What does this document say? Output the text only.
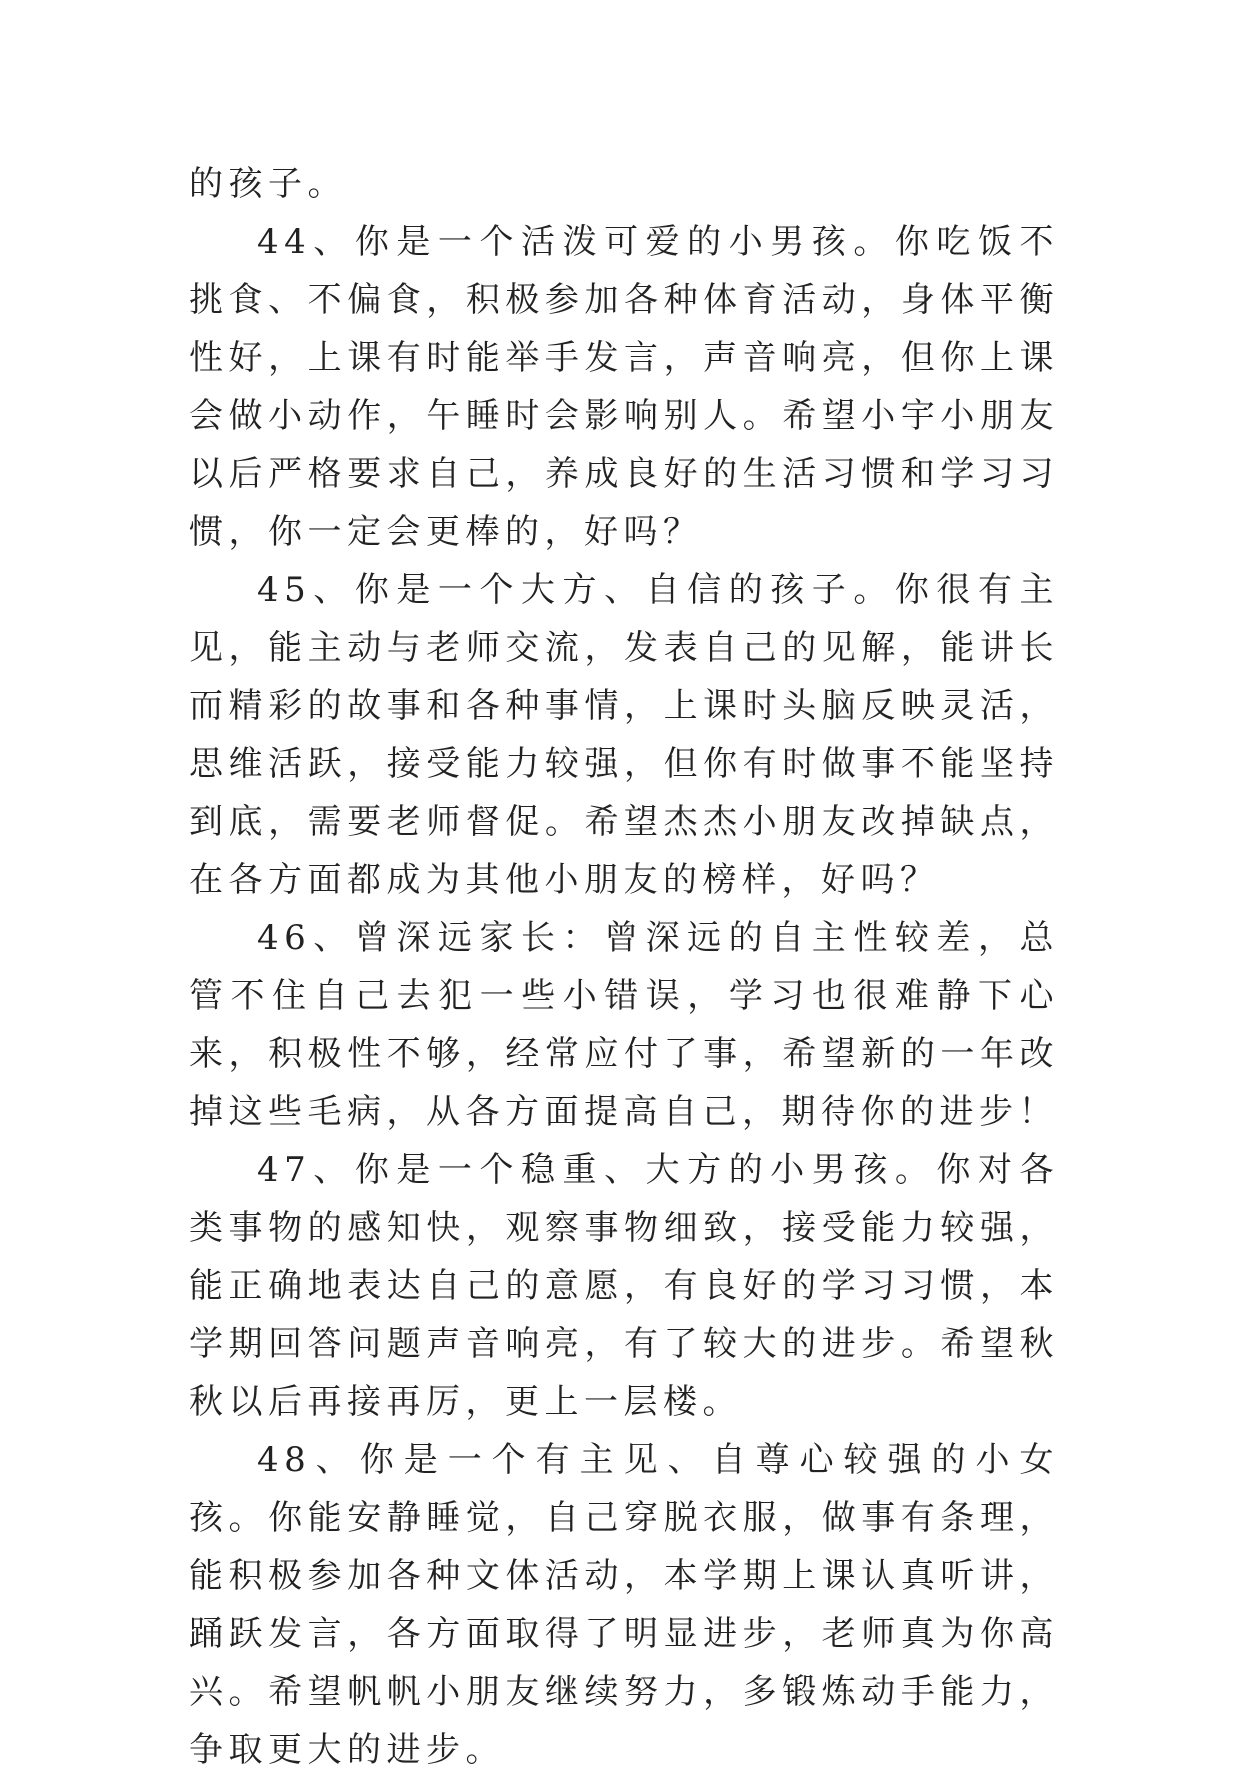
的孩子。

44、你是一个活泼可爱的小男孩。你吃饭不挑食、不偏食，积极参加各种体育活动，身体平衡性好，上课有时能举手发言，声音响亮，但你上课会做小动作，午睡时会影响别人。希望小宇小朋友以后严格要求自己，养成良好的生活习惯和学习习惯，你一定会更棒的，好吗？

45、你是一个大方、自信的孩子。你很有主见，能主动与老师交流，发表自己的见解，能讲长而精彩的故事和各种事情，上课时头脑反映灵活，思维活跃，接受能力较强，但你有时做事不能坚持到底，需要老师督促。希望杰杰小朋友改掉缺点，在各方面都成为其他小朋友的榜样，好吗？

46、曾深远家长：曾深远的自主性较差，总管不住自己去犯一些小错误，学习也很难静下心来，积极性不够，经常应付了事，希望新的一年改掉这些毛病，从各方面提高自己，期待你的进步！

47、你是一个稳重、大方的小男孩。你对各类事物的感知快，观察事物细致，接受能力较强，能正确地表达自己的意愿，有良好的学习习惯，本学期回答问题声音响亮，有了较大的进步。希望秋秋以后再接再厉，更上一层楼。

48、你是一个有主见、自尊心较强的小女孩。你能安静睡觉，自己穿脱衣服，做事有条理，能积极参加各种文体活动，本学期上课认真听讲，踊跃发言，各方面取得了明显进步，老师真为你高兴。希望帆帆小朋友继续努力，多锻炼动手能力，争取更大的进步。
